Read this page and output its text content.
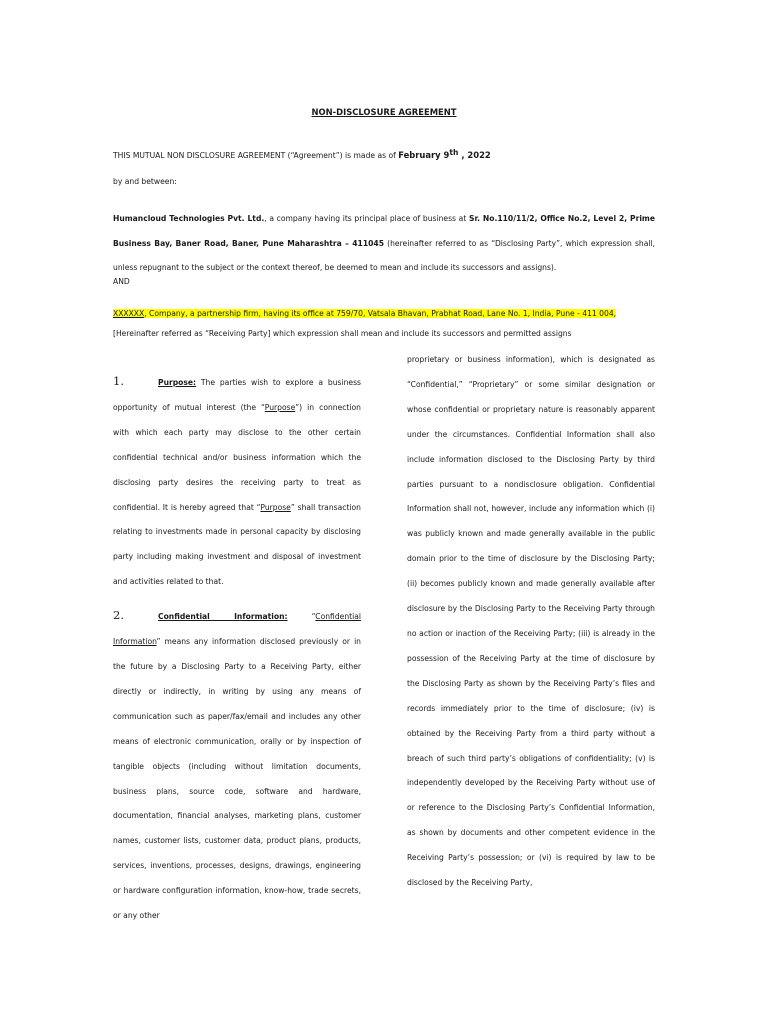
NON-DISCLOSURE AGREEMENT
THIS MUTUAL NON DISCLOSURE AGREEMENT (“Agreement”) is made as of February 9th , 2022
by and between:
Humancloud Technologies Pvt. Ltd., a company having its principal place of business at Sr. No.110/11/2, Office No.2, Level 2, Prime Business Bay, Baner Road, Baner, Pune Maharashtra – 411045 (hereinafter referred to as “Disclosing Party”, which expression shall, unless repugnant to the subject or the context thereof, be deemed to mean and include its successors and assigns).
AND
XXXXXX, Company, a partnership firm, having its office at 759/70, Vatsala Bhavan, Prabhat Road, Lane No. 1, India, Pune - 411 004,
[Hereinafter referred as “Receiving Party] which expression shall mean and include its successors and permitted assigns

1.	Purpose: The parties wish to explore a business opportunity of mutual interest (the “Purpose”) in connection with which each party may disclose to the other certain confidential technical and/or business information which the disclosing party desires the receiving party to treat as confidential. It is hereby agreed that “Purpose” shall transaction relating to investments made in personal capacity by disclosing party including making investment and disposal of investment and activities related to that.

2.	Confidential Information: “Confidential Information” means any information disclosed previously or in the future by a Disclosing Party to a Receiving Party, either directly or indirectly, in writing by using any means of communication such as paper/fax/email and includes any other means of electronic communication, orally or by inspection of tangible objects (including without limitation documents, business plans, source code, software and hardware, documentation, financial analyses, marketing plans, customer names, customer lists, customer data, product plans, products, services, inventions, processes, designs, drawings, engineering or hardware configuration information, know-how, trade secrets, or any other

proprietary or business information), which is designated as “Confidential,” “Proprietary” or some similar designation or whose confidential or proprietary nature is reasonably apparent under the circumstances. Confidential Information shall also include information disclosed to the Disclosing Party by third parties pursuant to a nondisclosure obligation. Confidential Information shall not, however, include any information which (i) was publicly known and made generally available in the public domain prior to the time of disclosure by the Disclosing Party; (ii) becomes publicly known and made generally available after disclosure by the Disclosing Party to the Receiving Party through no action or inaction of the Receiving Party; (iii) is already in the possession of the Receiving Party at the time of disclosure by the Disclosing Party as shown by the Receiving Party’s files and records immediately prior to the time of disclosure; (iv) is obtained by the Receiving Party from a third party without a breach of such third party’s obligations of confidentiality; (v) is independently developed by the Receiving Party without use of or reference to the Disclosing Party’s Confidential Information, as shown by documents and other competent evidence in the Receiving Party’s possession; or (vi) is required by law to be disclosed by the Receiving Party,
